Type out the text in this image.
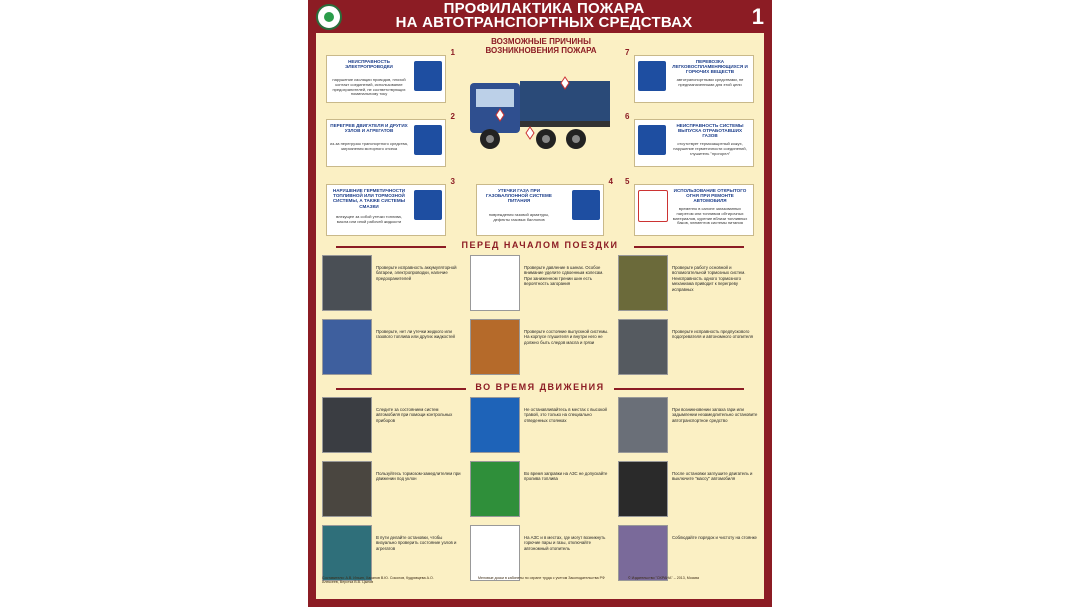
ПРОФИЛАКТИКА ПОЖАРА
НА АВТОТРАНСПОРТНЫХ СРЕДСТВАХ	1
ВОЗМОЖНЫЕ ПРИЧИНЫ
ВОЗНИКНОВЕНИЯ ПОЖАРА
1
НЕИСПРАВНОСТЬ ЭЛЕКТРОПРОВОДКИ
нарушение изоляции проводов, плохой контакт соединений, использование предохранителей, не соответствующих номинальному току
2
ПЕРЕГРЕВ ДВИГАТЕЛЯ И ДРУГИХ УЗЛОВ И АГРЕГАТОВ
из-за перегрузок транспортного средства, загрязнения моторного отсека
3
НАРУШЕНИЕ ГЕРМЕТИЧНОСТИ ТОПЛИВНОЙ ИЛИ ТОРМОЗНОЙ СИСТЕМЫ, А ТАКЖЕ СИСТЕМЫ СМАЗКИ
влекущее за собой утечки топлива, масла или иной рабочей жидкости
4
УТЕЧКИ ГАЗА ПРИ ГАЗОБАЛЛОННОЙ СИСТЕМЕ ПИТАНИЯ
повреждения газовой арматуры, дефекты газовых баллонов
7
ПЕРЕВОЗКА ЛЕГКОВОСПЛАМЕНЯЮЩИХСЯ И ГОРЮЧИХ ВЕЩЕСТВ
автотранспортными средствами, не предназначенными для этой цели
6
НЕИСПРАВНОСТЬ СИСТЕМЫ ВЫПУСКА ОТРАБОТАВШИХ ГАЗОВ
отсутствует термозащитный кожух, нарушение герметичности соединений, глушитель "прогорел"
5
ИСПОЛЬЗОВАНИЕ ОТКРЫТОГО ОГНЯ ПРИ РЕМОНТЕ АВТОМОБИЛЯ
временно в салоне загазованных нагретом или топливом обтирочных материалов, курение вблизи топливных баков, элементов системы питания
ПЕРЕД НАЧАЛОМ ПОЕЗДКИ
Проверьте исправность аккумуляторной батареи, электропроводки, наличие предохранителей
Проверьте давление в шинах. Особое внимание уделите сдвоенным колесам. При заниженном трении шин есть вероятность загорания
Проверьте работу основной и вспомогательной тормозных систем. Неисправность одного тормозного механизма приводит к перегреву исправных
Проверьте, нет ли утечки жидкого или газового топлива или других жидкостей
Проверьте состояние выпускной системы. На корпусе глушителя и внутри него не должно быть следов масла и грязи
Проверьте исправность предпускового подогревателя и автономного отопителя
ВО ВРЕМЯ ДВИЖЕНИЯ
Следите за состоянием систем автомобиля при помощи контрольных приборов
Не останавливайтесь в местах с высокой травой, это только на специально отведенных стоянках
При возникновении запаха гари или задымлении незамедлительно остановите автотранспортное средство
Пользуйтесь тормозом-замедлителем при движении под уклон
Во время заправки на АЗС не допускайте пролива топлива
После остановки заглушите двигатель и выключите "массу" автомобиля
В пути делайте остановки, чтобы визуально проверить состояние узлов и агрегатов
На АЗС и в местах, где могут возникнуть горючие пары и газы, отключайте автономный отопитель
Соблюдайте порядок и чистоту на стоянке
Составители: А.В. Ильин, Хасанов В.Ю. Соколов, Кудрявцева А.О. Алексеев, Верстка В.В. Цыпов
Меловые доски в кабинеты по охране труда с учетом Законодательства РФ	© Издательство "ОХРАНА" – 2013, Москва
